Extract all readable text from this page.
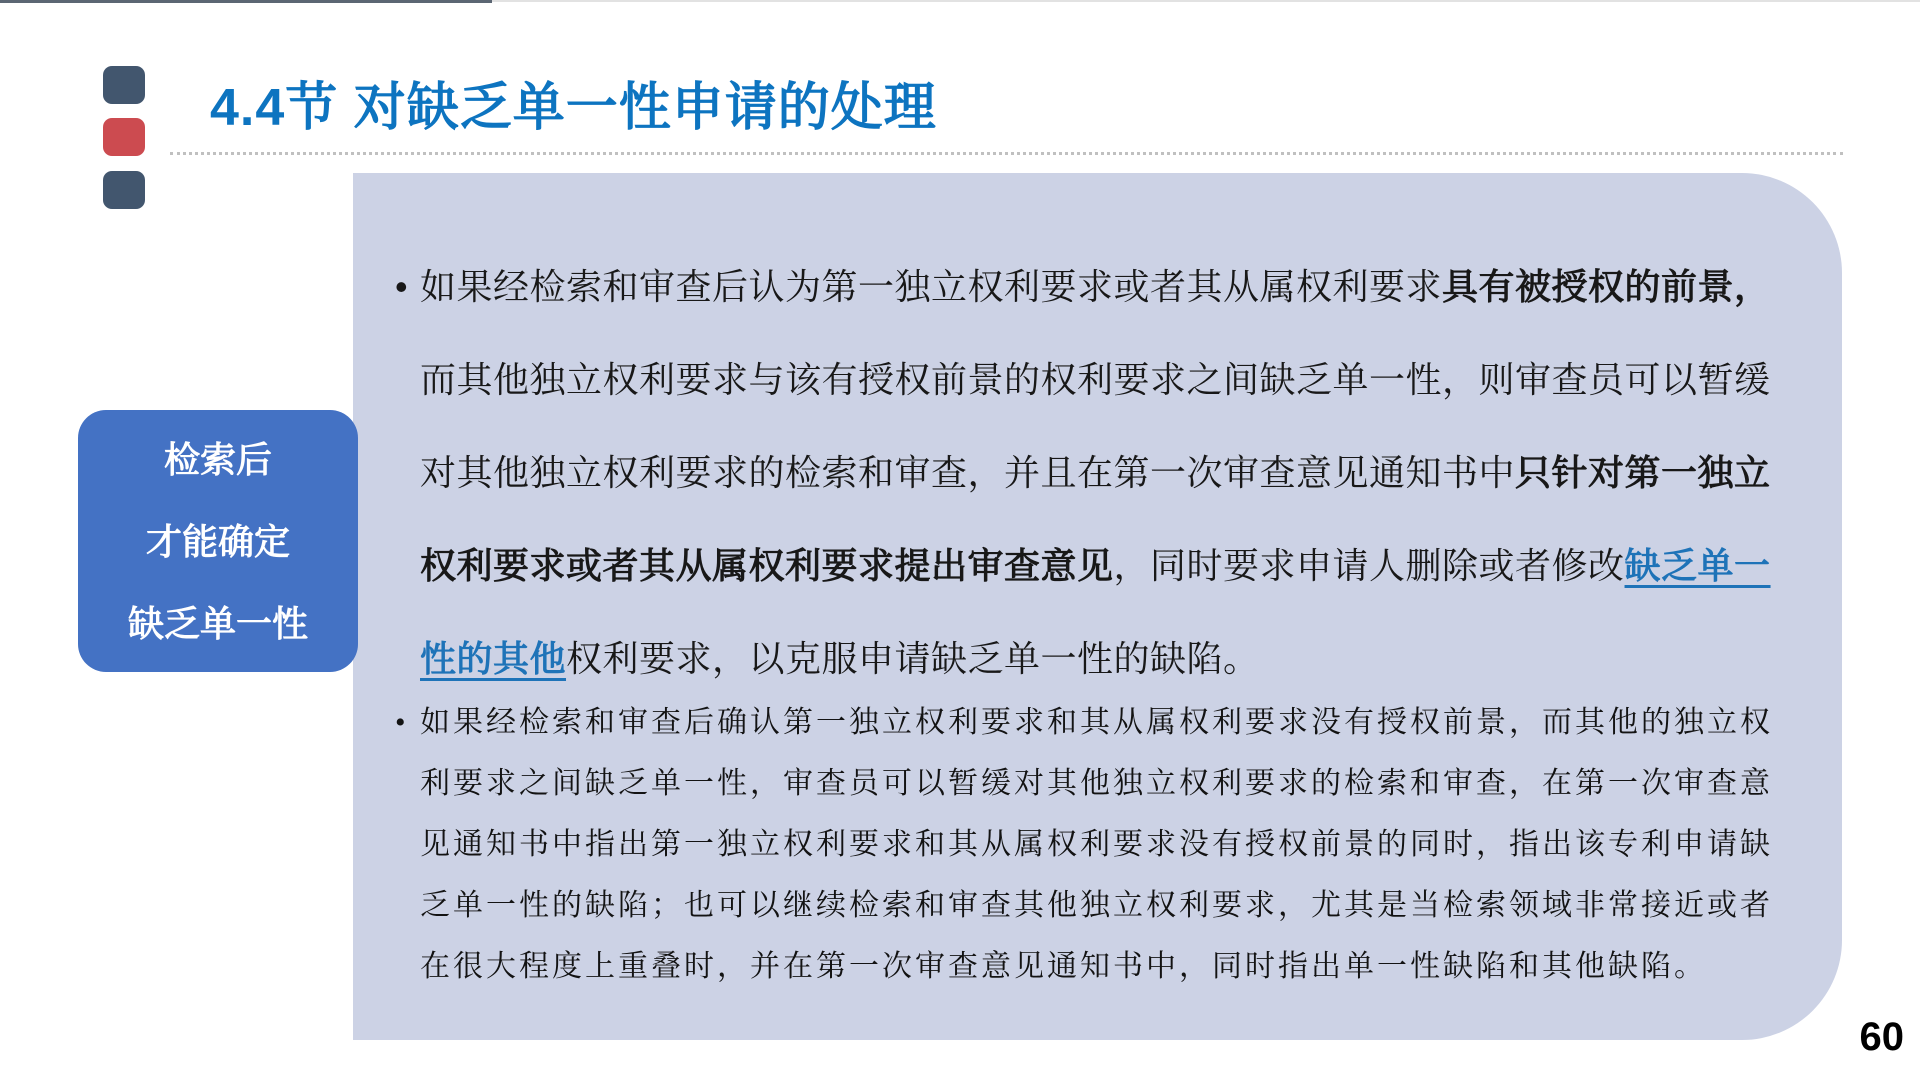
4.4节 对缺乏单一性申请的处理
检索后
才能确定
缺乏单一性
• 如果经检索和审查后认为第一独立权利要求或者其从属权利要求具有被授权的前景，
而其他独立权利要求与该有授权前景的权利要求之间缺乏单一性，则审查员可以暂缓
对其他独立权利要求的检索和审查，并且在第一次审查意见通知书中只针对第一独立
权利要求或者其从属权利要求提出审查意见，同时要求申请人删除或者修改缺乏单一
性的其他权利要求，以克服申请缺乏单一性的缺陷。
• 如果经检索和审查后确认第一独立权利要求和其从属权利要求没有授权前景，而其他的独立权
利要求之间缺乏单一性，审查员可以暂缓对其他独立权利要求的检索和审查，在第一次审查意
见通知书中指出第一独立权利要求和其从属权利要求没有授权前景的同时，指出该专利申请缺
乏单一性的缺陷；也可以继续检索和审查其他独立权利要求，尤其是当检索领域非常接近或者
在很大程度上重叠时，并在第一次审查意见通知书中，同时指出单一性缺陷和其他缺陷。
60
